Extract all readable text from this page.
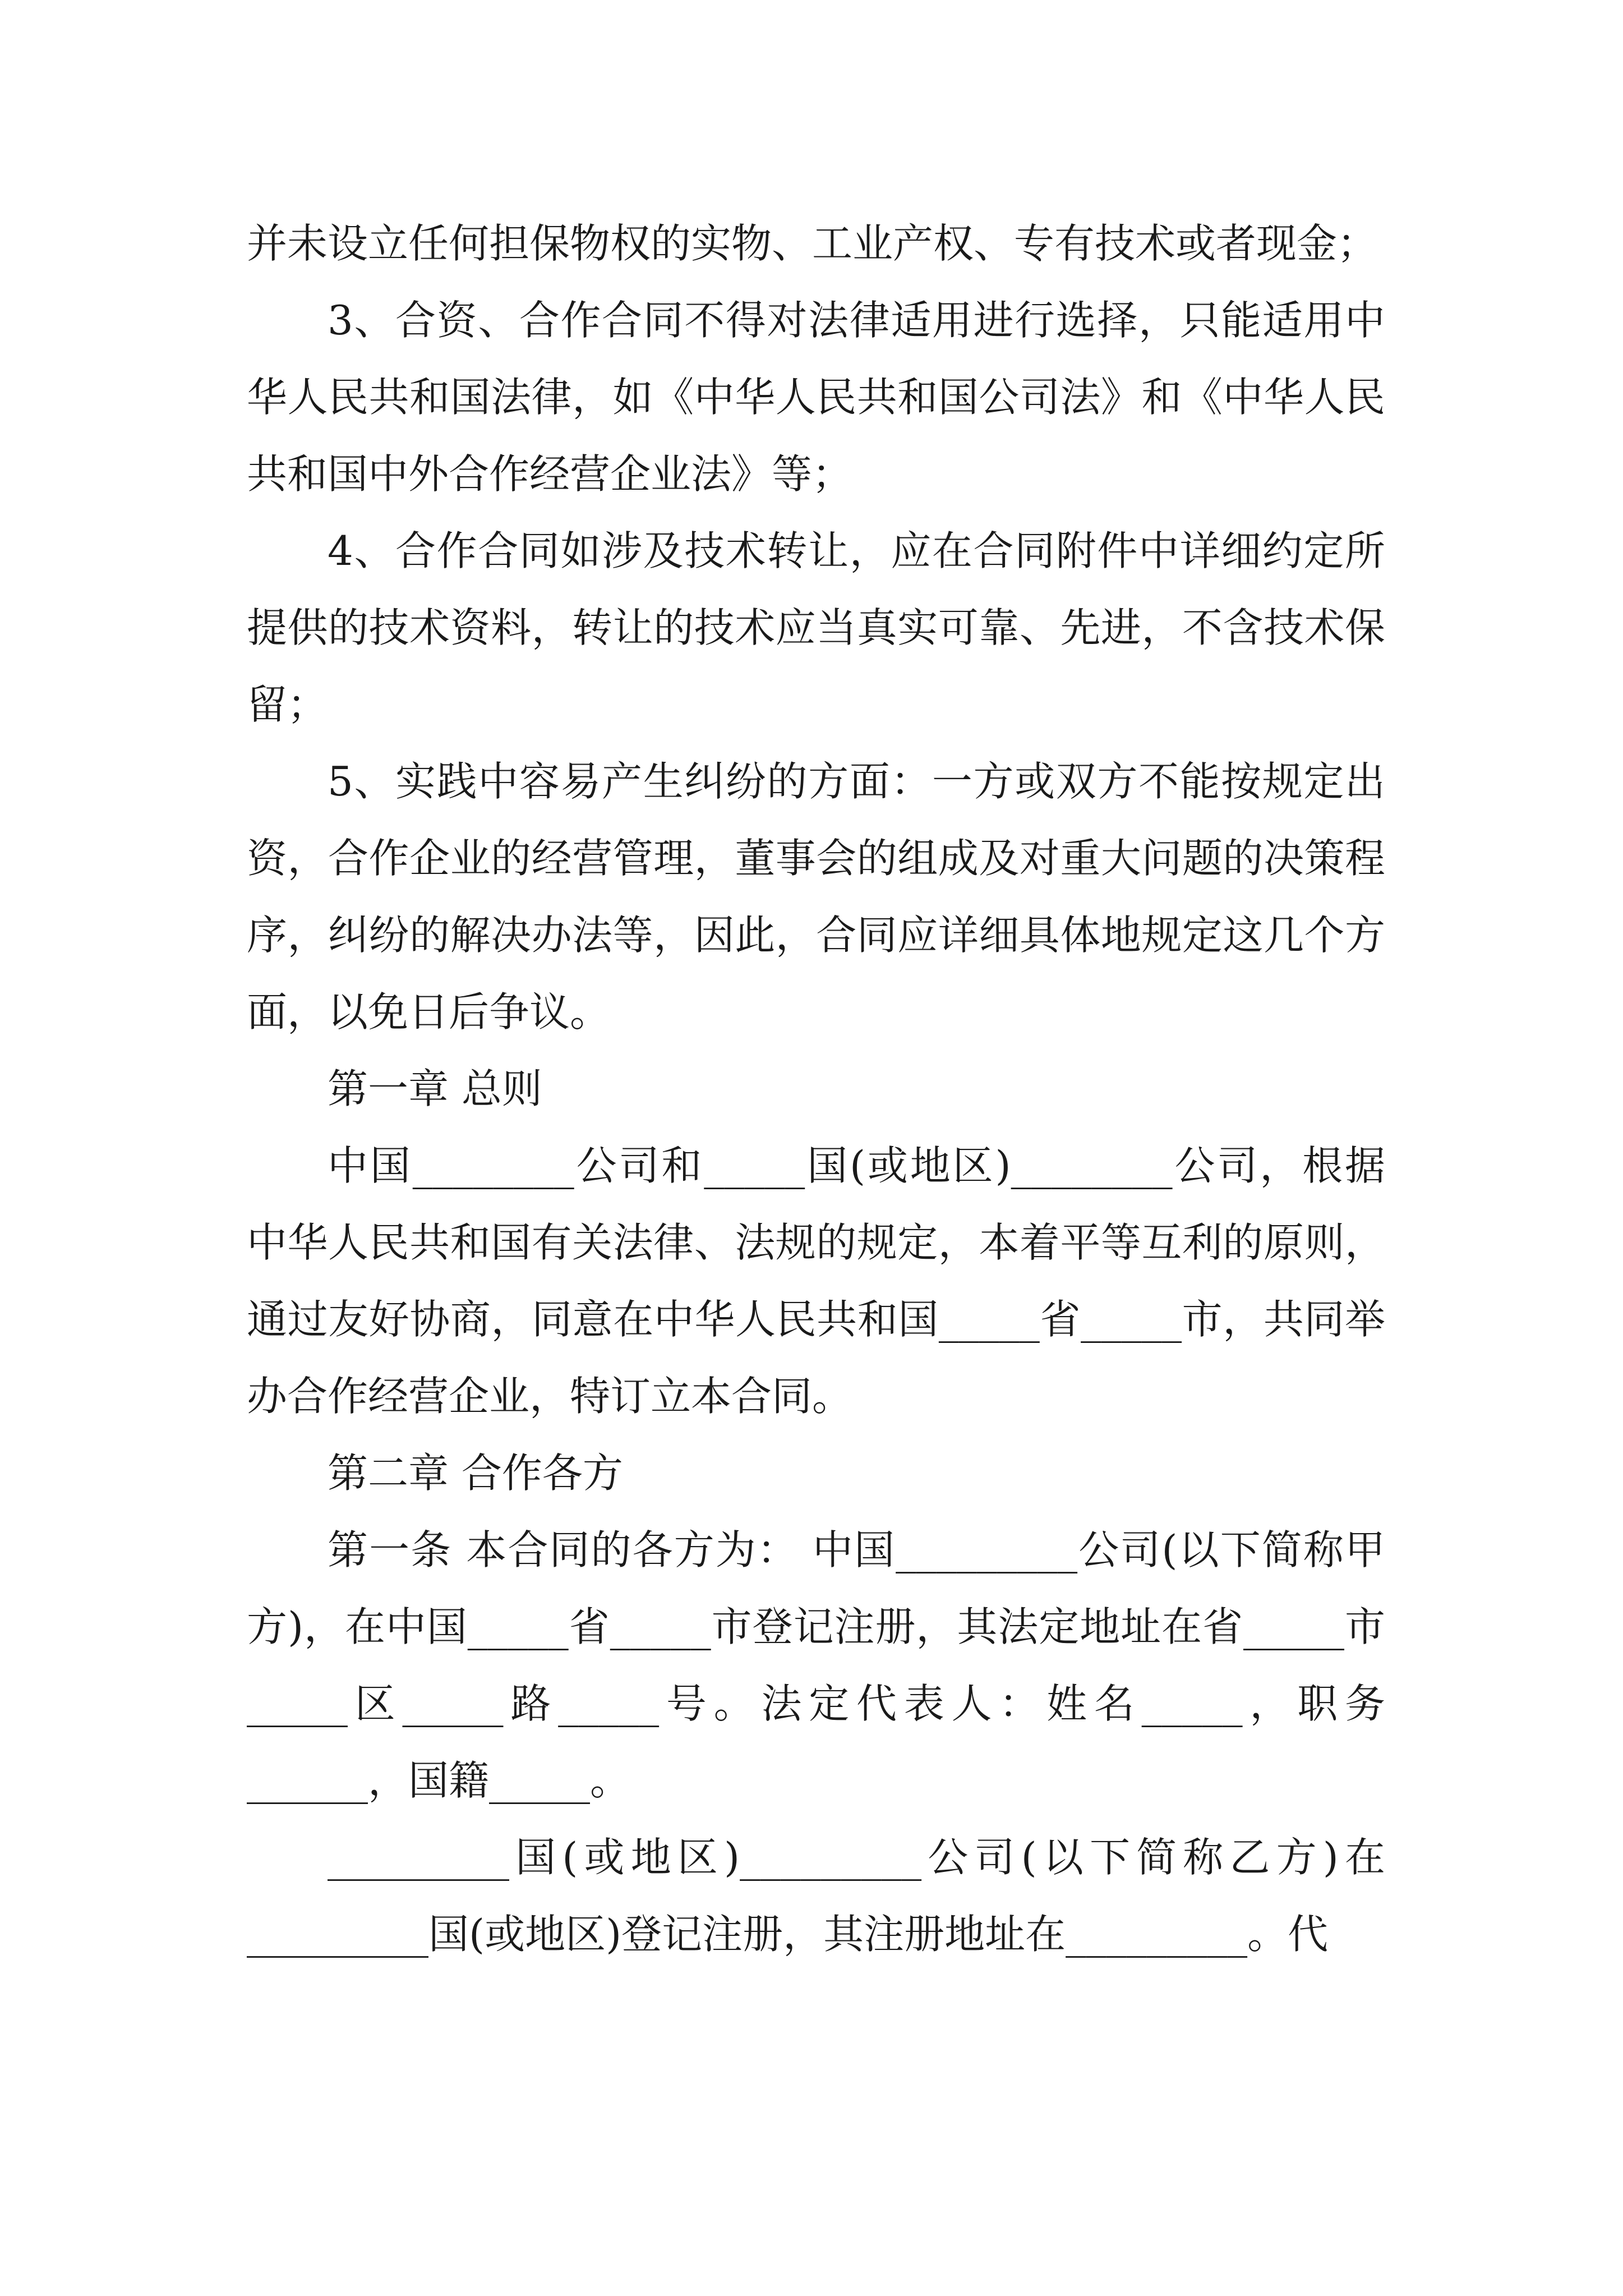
并未设立任何担保物权的实物、工业产权、专有技术或者现金；

3、合资、合作合同不得对法律适用进行选择，只能适用中华人民共和国法律，如《中华人民共和国公司法》和《中华人民共和国中外合作经营企业法》等；

4、合作合同如涉及技术转让，应在合同附件中详细约定所提供的技术资料，转让的技术应当真实可靠、先进，不含技术保留；

5、实践中容易产生纠纷的方面：一方或双方不能按规定出资，合作企业的经营管理，董事会的组成及对重大问题的决策程序，纠纷的解决办法等，因此，合同应详细具体地规定这几个方面，以免日后争议。

第一章 总则

中国________公司和_____国(或地区)________公司，根据中华人民共和国有关法律、法规的规定，本着平等互利的原则，通过友好协商，同意在中华人民共和国_____省_____市，共同举办合作经营企业，特订立本合同。

第二章 合作各方

第一条 本合同的各方为： 中国_________公司(以下简称甲方)，在中国_____省_____市登记注册，其法定地址在省_____市_____区_____路_____号。法定代表人：姓名_____，职务______，国籍_____。

_________国(或地区)_________公司(以下简称乙方)在_________国(或地区)登记注册，其注册地址在_________。代
